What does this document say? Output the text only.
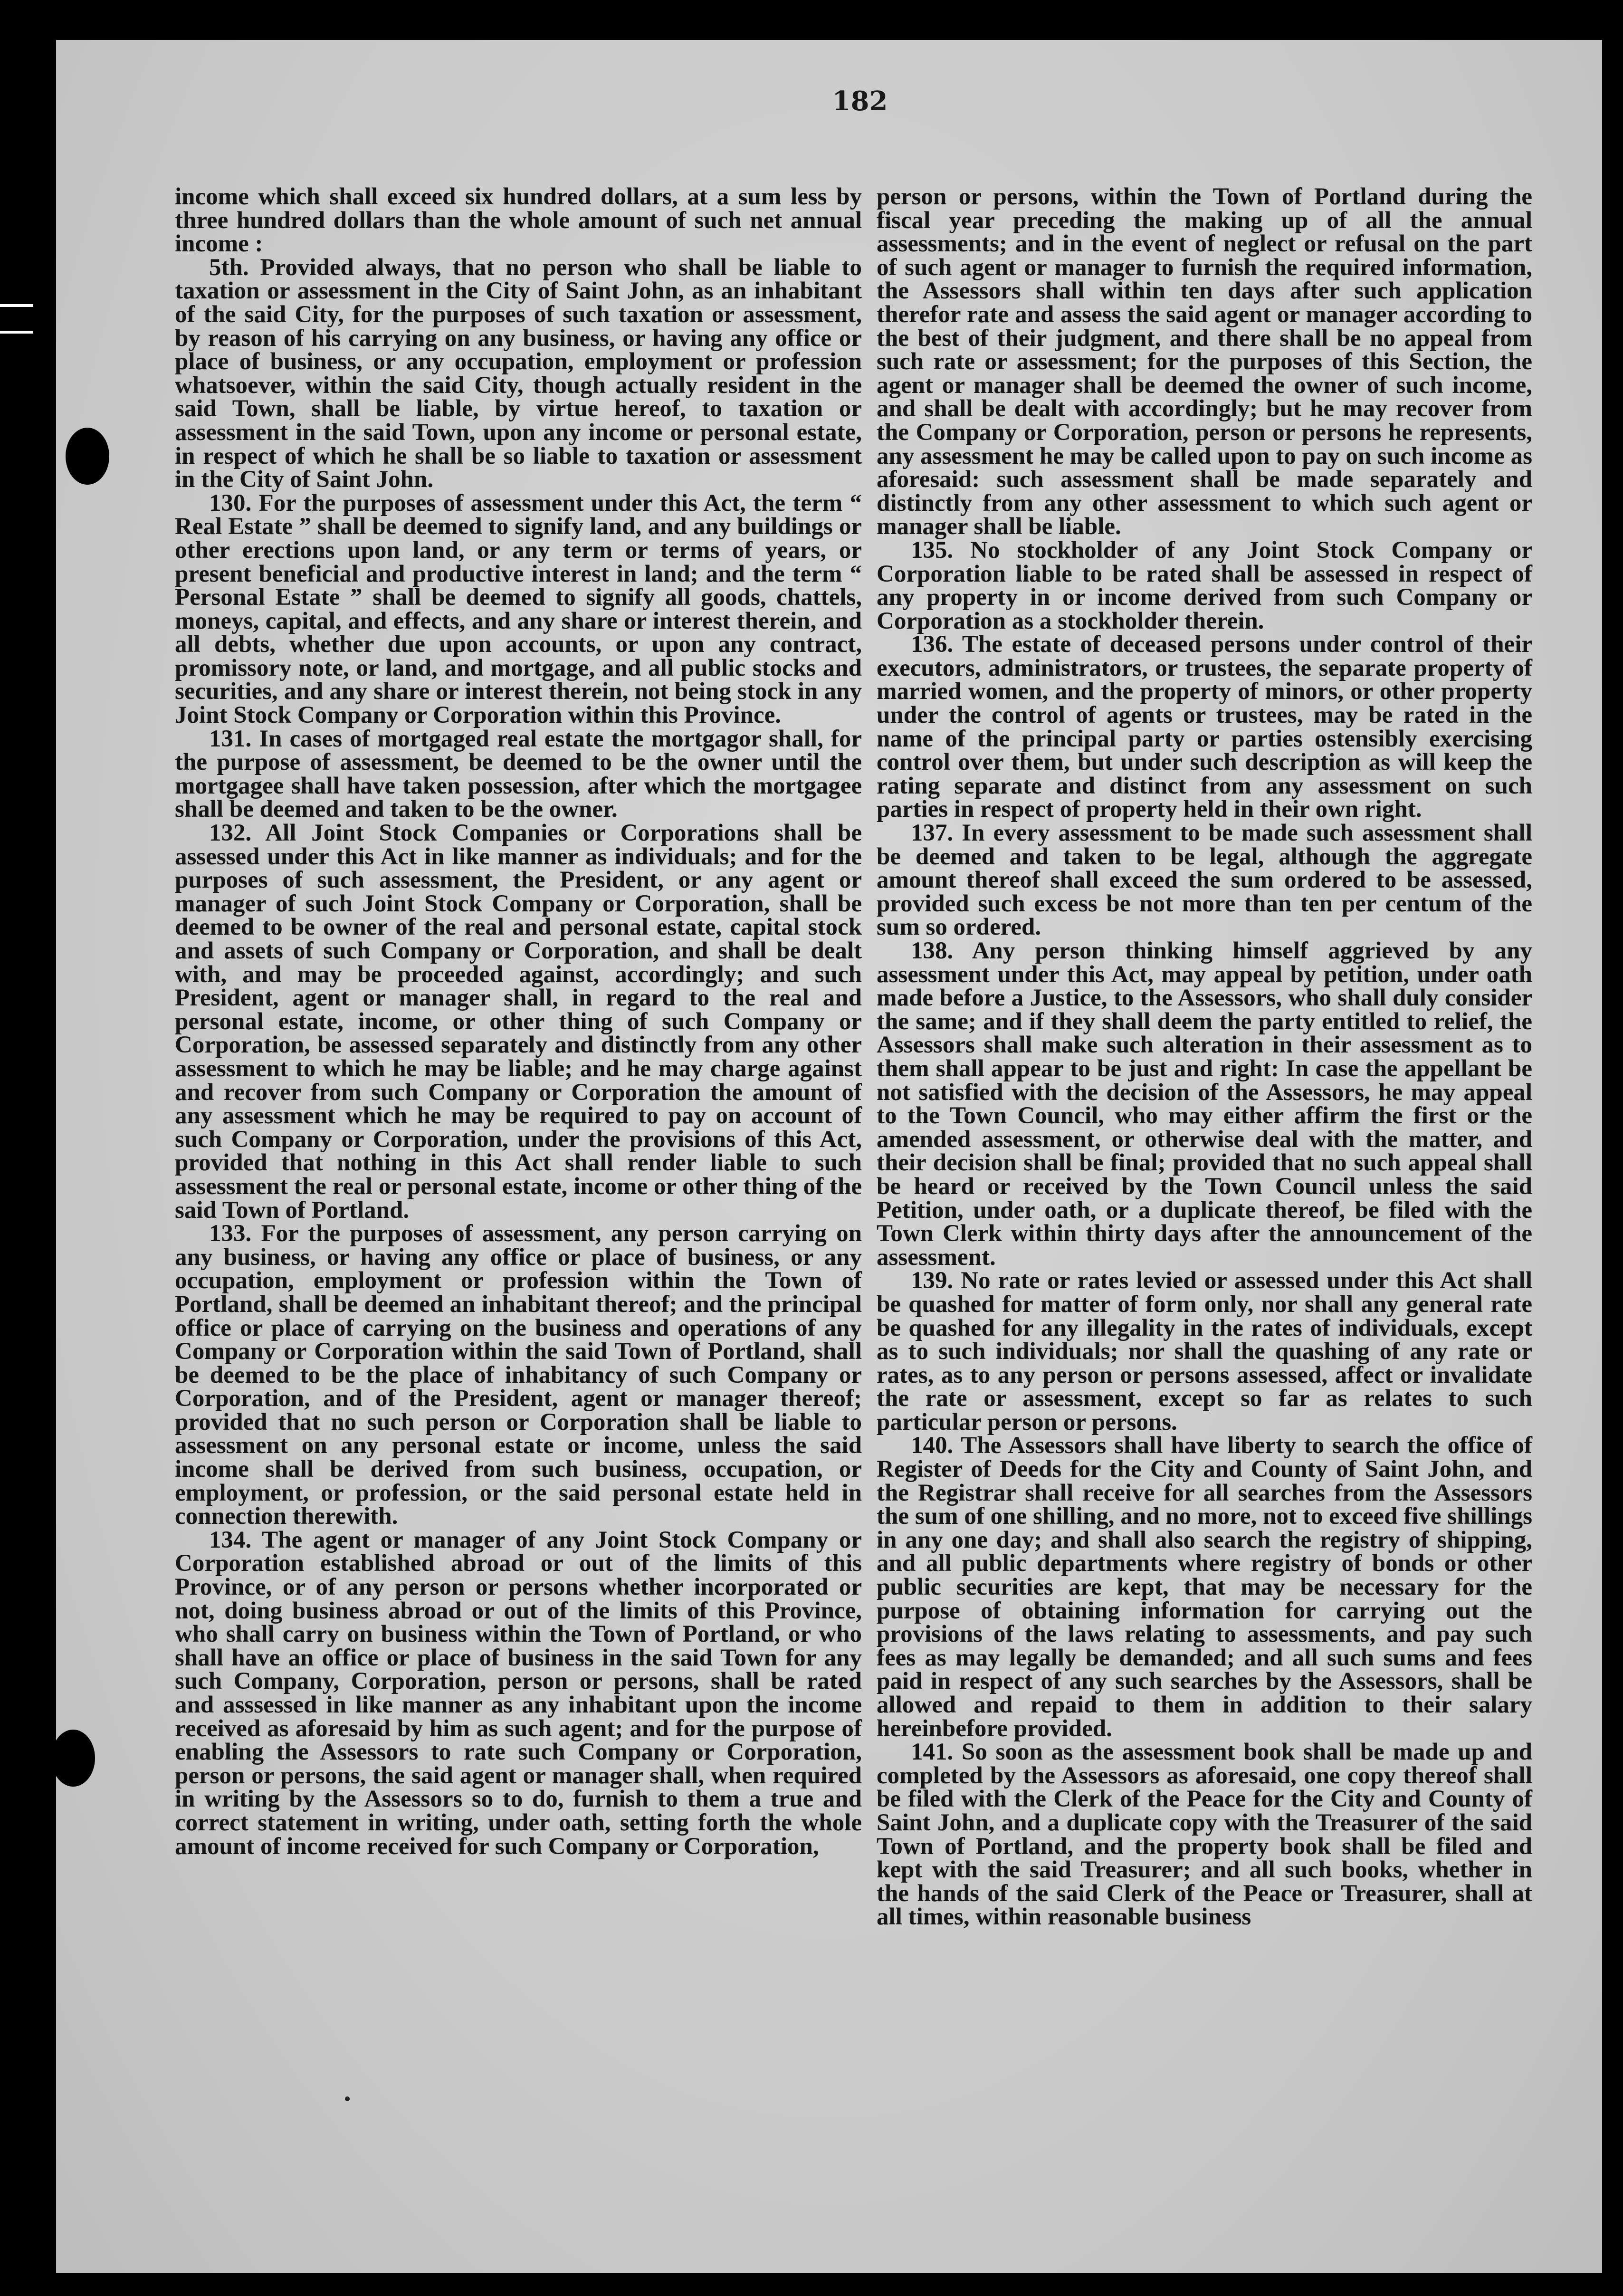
182

income which shall exceed six hundred dollars, at a sum less by three hundred dollars than the whole amount of such net annual income :

5th. Provided always, that no person who shall be liable to taxation or assessment in the City of Saint John, as an inhabitant of the said City, for the purposes of such taxation or assessment, by reason of his carrying on any business, or having any office or place of business, or any occupation, employment or profession whatsoever, within the said City, though actually resident in the said Town, shall be liable, by virtue hereof, to taxation or assessment in the said Town, upon any income or personal estate, in respect of which he shall be so liable to taxation or assessment in the City of Saint John.

130. For the purposes of assessment under this Act, the term “ Real Estate ” shall be deemed to signify land, and any buildings or other erections upon land, or any term or terms of years, or present beneficial and productive interest in land; and the term “ Personal Estate ” shall be deemed to signify all goods, chattels, moneys, capital, and effects, and any share or interest therein, and all debts, whether due upon accounts, or upon any contract, promissory note, or land, and mortgage, and all public stocks and securities, and any share or interest therein, not being stock in any Joint Stock Company or Corporation within this Province.

131. In cases of mortgaged real estate the mortgagor shall, for the purpose of assessment, be deemed to be the owner until the mortgagee shall have taken possession, after which the mortgagee shall be deemed and taken to be the owner.

132. All Joint Stock Companies or Corporations shall be assessed under this Act in like manner as individuals; and for the purposes of such assessment, the President, or any agent or manager of such Joint Stock Company or Corporation, shall be deemed to be owner of the real and personal estate, capital stock and assets of such Company or Corporation, and shall be dealt with, and may be proceeded against, accordingly; and such President, agent or manager shall, in regard to the real and personal estate, income, or other thing of such Company or Corporation, be assessed separately and distinctly from any other assessment to which he may be liable; and he may charge against and recover from such Company or Corporation the amount of any assessment which he may be required to pay on account of such Company or Corporation, under the provisions of this Act, provided that nothing in this Act shall render liable to such assessment the real or personal estate, income or other thing of the said Town of Portland.

133. For the purposes of assessment, any person carrying on any business, or having any office or place of business, or any occupation, employment or profession within the Town of Portland, shall be deemed an inhabitant thereof; and the principal office or place of carrying on the business and operations of any Company or Corporation within the said Town of Portland, shall be deemed to be the place of inhabitancy of such Company or Corporation, and of the President, agent or manager thereof; provided that no such person or Corporation shall be liable to assessment on any personal estate or income, unless the said income shall be derived from such business, occupation, or employment, or profession, or the said personal estate held in connection therewith.

134. The agent or manager of any Joint Stock Company or Corporation established abroad or out of the limits of this Province, or of any person or persons whether incorporated or not, doing business abroad or out of the limits of this Province, who shall carry on business within the Town of Portland, or who shall have an office or place of business in the said Town for any such Company, Corporation, person or persons, shall be rated and asssessed in like manner as any inhabitant upon the income received as aforesaid by him as such agent; and for the purpose of enabling the Assessors to rate such Company or Corporation, person or persons, the said agent or manager shall, when required in writing by the Assessors so to do, furnish to them a true and correct statement in writing, under oath, setting forth the whole amount of income received for such Company or Corporation,

person or persons, within the Town of Portland during the fiscal year preceding the making up of all the annual assessments; and in the event of neglect or refusal on the part of such agent or manager to furnish the required information, the Assessors shall within ten days after such application therefor rate and assess the said agent or manager according to the best of their judgment, and there shall be no appeal from such rate or assessment; for the purposes of this Section, the agent or manager shall be deemed the owner of such income, and shall be dealt with accordingly; but he may recover from the Company or Corporation, person or persons he represents, any assessment he may be called upon to pay on such income as aforesaid: such assessment shall be made separately and distinctly from any other assessment to which such agent or manager shall be liable.

135. No stockholder of any Joint Stock Company or Corporation liable to be rated shall be assessed in respect of any property in or income derived from such Company or Corporation as a stockholder therein.

136. The estate of deceased persons under control of their executors, administrators, or trustees, the separate property of married women, and the property of minors, or other property under the control of agents or trustees, may be rated in the name of the principal party or parties ostensibly exercising control over them, but under such description as will keep the rating separate and distinct from any assessment on such parties in respect of property held in their own right.

137. In every assessment to be made such assessment shall be deemed and taken to be legal, although the aggregate amount thereof shall exceed the sum ordered to be assessed, provided such excess be not more than ten per centum of the sum so ordered.

138. Any person thinking himself aggrieved by any assessment under this Act, may appeal by petition, under oath made before a Justice, to the Assessors, who shall duly consider the same; and if they shall deem the party entitled to relief, the Assessors shall make such alteration in their assessment as to them shall appear to be just and right: In case the appellant be not satisfied with the decision of the Assessors, he may appeal to the Town Council, who may either affirm the first or the amended assessment, or otherwise deal with the matter, and their decision shall be final; provided that no such appeal shall be heard or received by the Town Council unless the said Petition, under oath, or a duplicate thereof, be filed with the Town Clerk within thirty days after the announcement of the assessment.

139. No rate or rates levied or assessed under this Act shall be quashed for matter of form only, nor shall any general rate be quashed for any illegality in the rates of individuals, except as to such individuals; nor shall the quashing of any rate or rates, as to any person or persons assessed, affect or invalidate the rate or assessment, except so far as relates to such particular person or persons.

140. The Assessors shall have liberty to search the office of Register of Deeds for the City and County of Saint John, and the Registrar shall receive for all searches from the Assessors the sum of one shilling, and no more, not to exceed five shillings in any one day; and shall also search the registry of shipping, and all public departments where registry of bonds or other public securities are kept, that may be necessary for the purpose of obtaining information for carrying out the provisions of the laws relating to assessments, and pay such fees as may legally be demanded; and all such sums and fees paid in respect of any such searches by the Assessors, shall be allowed and repaid to them in addition to their salary hereinbefore provided.

141. So soon as the assessment book shall be made up and completed by the Assessors as aforesaid, one copy thereof shall be filed with the Clerk of the Peace for the City and County of Saint John, and a duplicate copy with the Treasurer of the said Town of Portland, and the property book shall be filed and kept with the said Treasurer; and all such books, whether in the hands of the said Clerk of the Peace or Treasurer, shall at all times, within reasonable business
